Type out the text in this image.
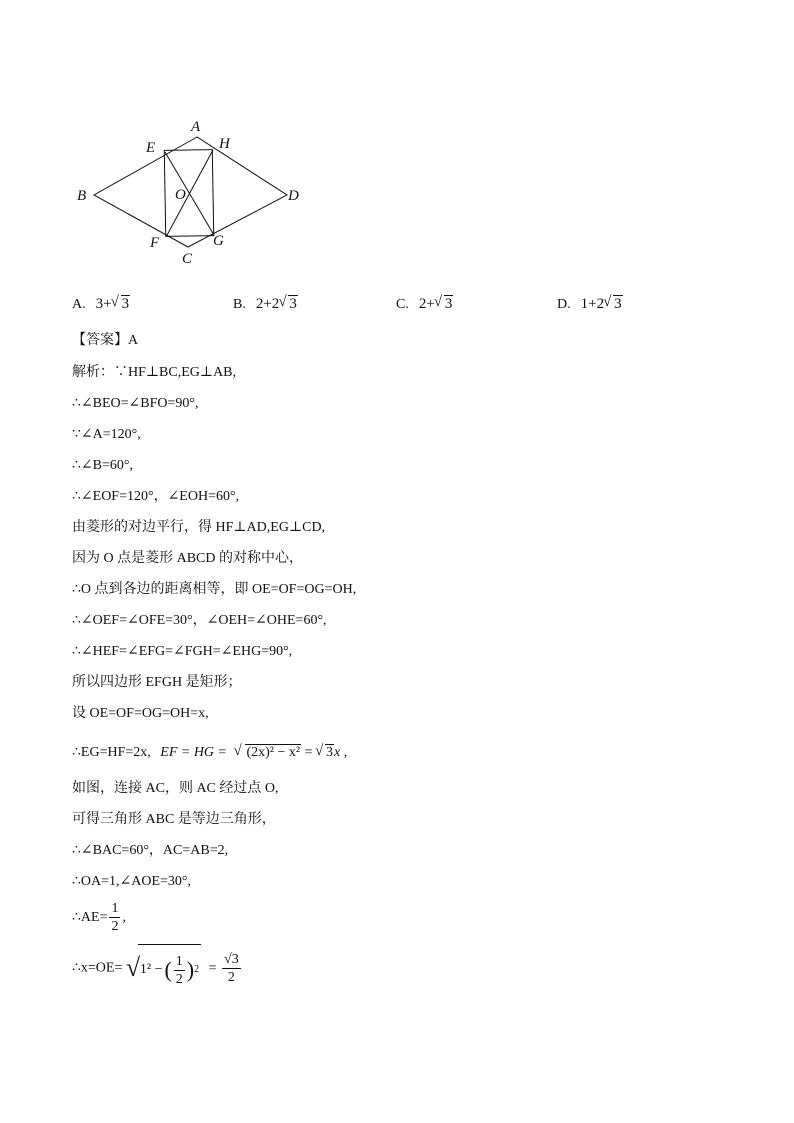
A
E	H
B	O	D
F	G
C
A. 3+ √ 3	B. 2+2 √ 3	C. 2+ √ 3	D. 1+2 √ 3
【答案】A
解析：∵HF⊥BC,EG⊥AB,
∴∠BEO=∠BFO=90°,
∵∠A=120°,
∴∠B=60°,
∴∠EOF=120°，∠EOH=60°,
由菱形的对边平行，得 HF⊥AD,EG⊥CD,
因为 O 点是菱形 ABCD 的对称中心，
∴O 点到各边的距离相等，即 OE=OF=OG=OH,
∴∠OEF=∠OFE=30°，∠OEH=∠OHE=60°,
∴∠HEF=∠EFG=∠FGH=∠EHG=90°,
所以四边形 EFGH 是矩形；
设 OE=OF=OG=OH=x,
∴EG=HF=2x, EF = HG = √ (2x)² − x² = √ 3x ,
如图，连接 AC，则 AC 经过点 O,
可得三角形 ABC 是等边三角形，
∴∠BAC=60°，AC=AB=2,
∴OA=1,∠AOE=30°,
∴AE= $\frac{1}{2}$ ,
∴x=OE= √ 1² − ( $\frac{1}{2}$ ) $2 = \frac{√3}{2}$
